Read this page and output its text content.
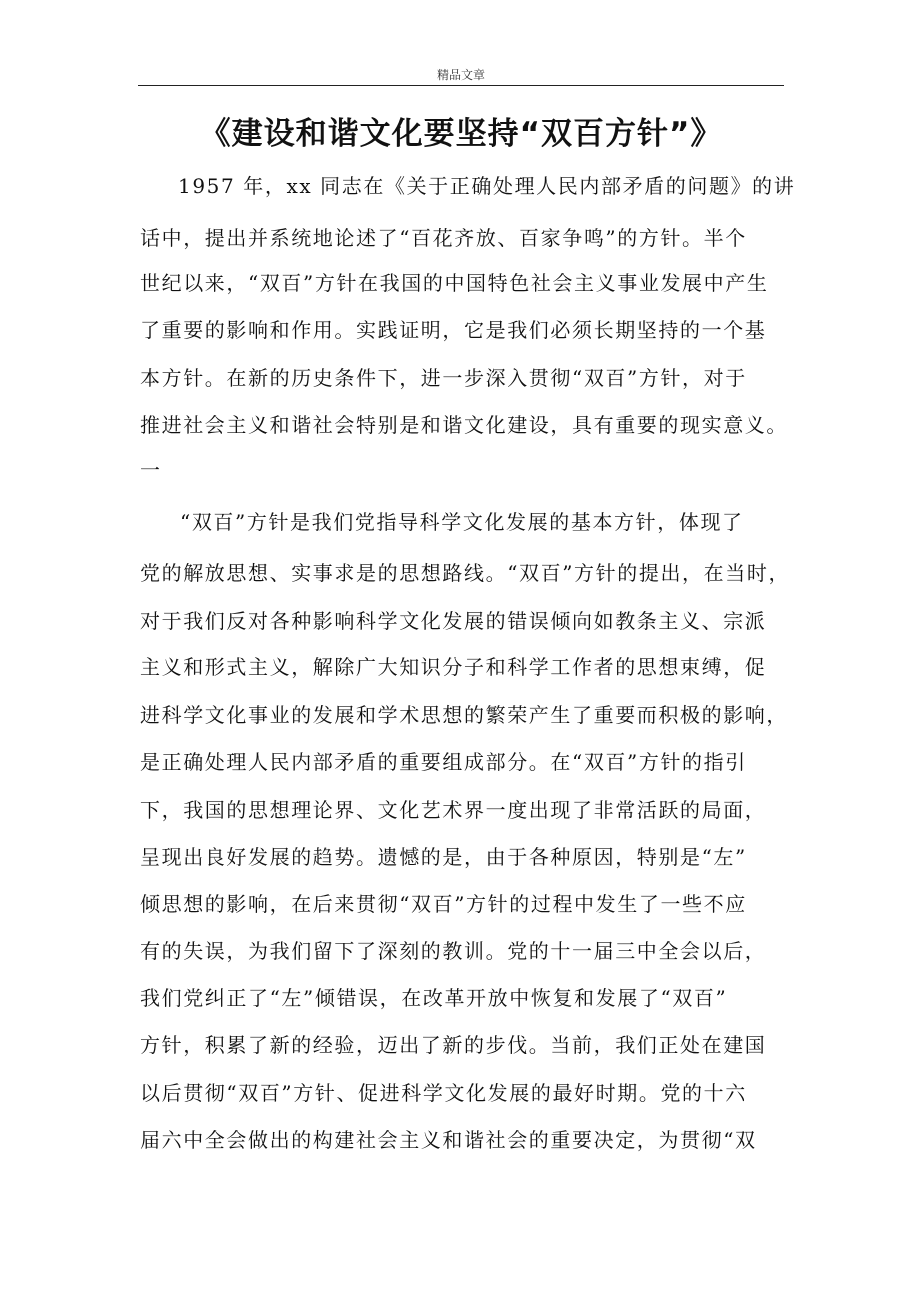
精品文章
《建设和谐文化要坚持“双百方针”》
1957 年，xx 同志在《关于正确处理人民内部矛盾的问题》的讲
话中，提出并系统地论述了“百花齐放、百家争鸣”的方针。半个
世纪以来，“双百”方针在我国的中国特色社会主义事业发展中产生
了重要的影响和作用。实践证明，它是我们必须长期坚持的一个基
本方针。在新的历史条件下，进一步深入贯彻“双百”方针，对于
推进社会主义和谐社会特别是和谐文化建设，具有重要的现实意义。
一
“双百”方针是我们党指导科学文化发展的基本方针，体现了
党的解放思想、实事求是的思想路线。“双百”方针的提出，在当时，
对于我们反对各种影响科学文化发展的错误倾向如教条主义、宗派
主义和形式主义，解除广大知识分子和科学工作者的思想束缚，促
进科学文化事业的发展和学术思想的繁荣产生了重要而积极的影响，
是正确处理人民内部矛盾的重要组成部分。在“双百”方针的指引
下，我国的思想理论界、文化艺术界一度出现了非常活跃的局面，
呈现出良好发展的趋势。遗憾的是，由于各种原因，特别是“左”
倾思想的影响，在后来贯彻“双百”方针的过程中发生了一些不应
有的失误，为我们留下了深刻的教训。党的十一届三中全会以后，
我们党纠正了“左”倾错误，在改革开放中恢复和发展了“双百”
方针，积累了新的经验，迈出了新的步伐。当前，我们正处在建国
以后贯彻“双百”方针、促进科学文化发展的最好时期。党的十六
届六中全会做出的构建社会主义和谐社会的重要决定，为贯彻“双
